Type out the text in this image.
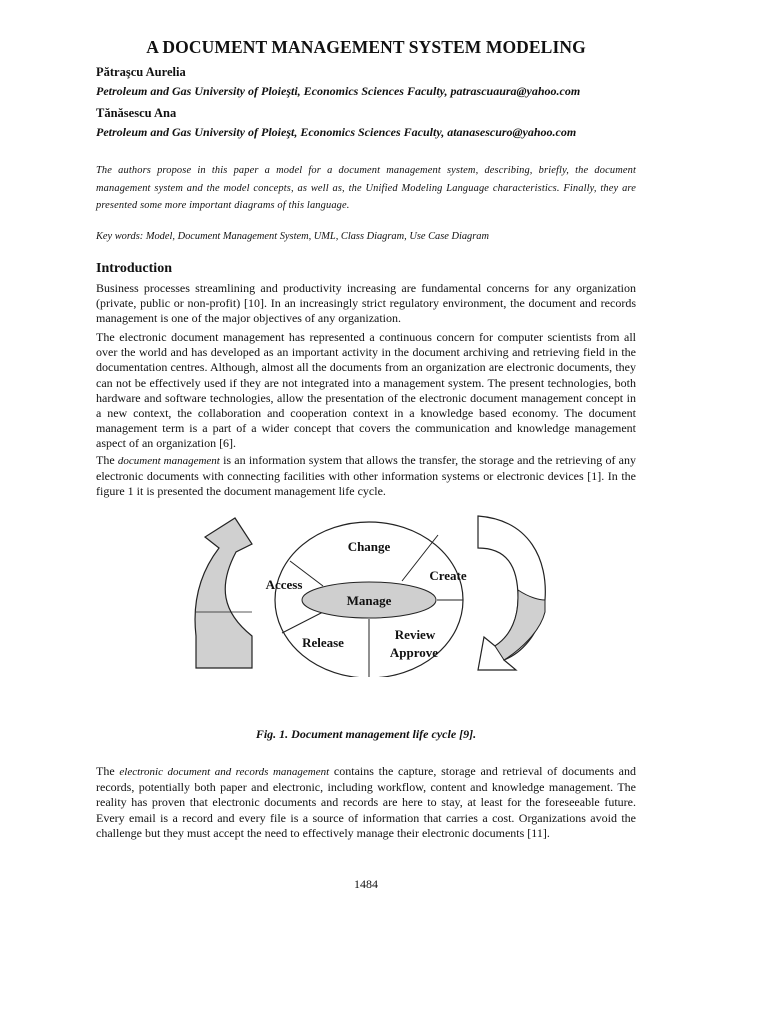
A DOCUMENT MANAGEMENT SYSTEM MODELING
Pătraşcu Aurelia
Petroleum and Gas University of Ploieşti, Economics Sciences Faculty, patrascuaura@yahoo.com
Tănăsescu Ana
Petroleum and Gas University of Ploieşt, Economics Sciences Faculty, atanasescuro@yahoo.com
The authors propose in this paper a model for a document management system, describing, briefly, the document management system and the model concepts, as well as, the Unified Modeling Language characteristics. Finally, they are presented some more important diagrams of this language.
Key words: Model, Document Management System, UML, Class Diagram, Use Case Diagram
Introduction

Business processes streamlining and productivity increasing are fundamental concerns for any organization (private, public or non-profit) [10]. In an increasingly strict regulatory environment, the document and records management is one of the major objectives of any organization.

The electronic document management has represented a continuous concern for computer scientists from all over the world and has developed as an important activity in the document archiving and retrieving field in the documentation centres. Although, almost all the documents from an organization are electronic documents, they can not be effectively used if they are not integrated into a management system. The present technologies, both hardware and software technologies, allow the presentation of the electronic document management concept in a new context, the collaboration and cooperation context in a knowledge based economy. The document management term is a part of a wider concept that covers the communication and knowledge management aspect of an organization [6].

The document management is an information system that allows the transfer, the storage and the retrieving of any electronic documents with connecting facilities with other information systems or electronic devices [1]. In the figure 1 it is presented the document management life cycle.

Fig. 1. Document management life cycle [9].

The electronic document and records management contains the capture, storage and retrieval of documents and records, potentially both paper and electronic, including workflow, content and knowledge management. The reality has proven that electronic documents and records are here to stay, at least for the foreseeable future. Every email is a record and every file is a source of information that carries a cost. Organizations avoid the challenge but they must accept the need to effectively manage their electronic documents [11].

1484
Manage
Change
Create
Access
Release
Review
Approve
